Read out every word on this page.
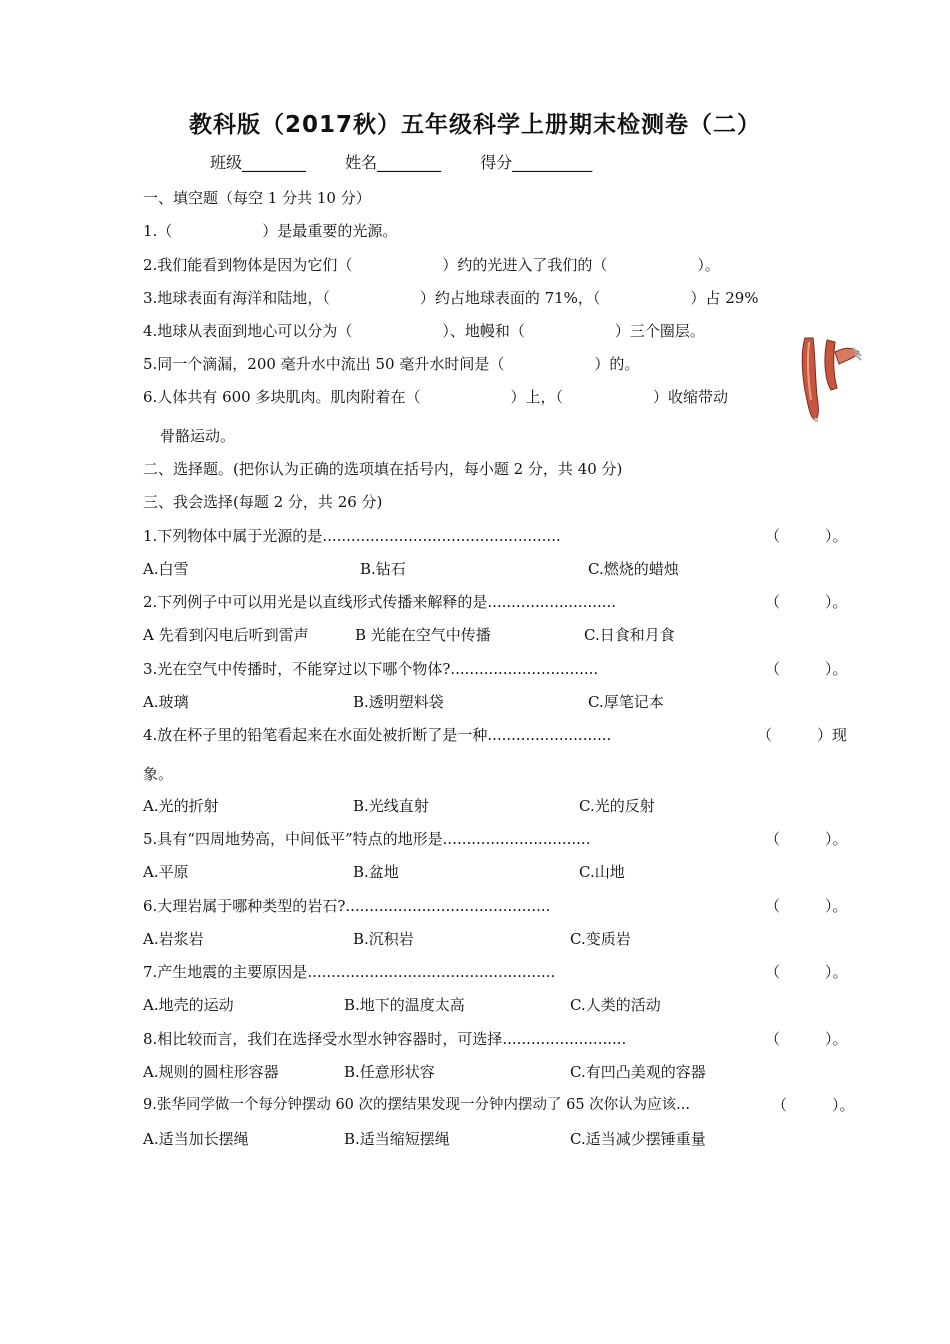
教科版（2017秋）五年级科学上册期末检测卷（二）
班级________ 姓名________ 得分__________
一、填空题（每空 1 分共 10 分）
1.（　　　　　　）是最重要的光源。
2.我们能看到物体是因为它们（　　　　　　）约的光进入了我们的（　　　　　　）。
3.地球表面有海洋和陆地，（　　　　　　）约占地球表面的 71%，（　　　　　　）占 29%
4.地球从表面到地心可以分为（　　　　　　）、地幔和（　　　　　　）三个圈层。
5.同一个滴漏，200 毫升水中流出 50 毫升水时间是（　　　　　　）的。
6.人体共有 600 多块肌肉。肌肉附着在（　　　　　　）上，（　　　　　　）收缩带动
骨骼运动。
二、选择题。(把你认为正确的选项填在括号内，每小题 2 分，共 40 分)
三、我会选择(每题 2 分，共 26 分)
1.下列物体中属于光源的是..................................................	（　　　）。
A.白雪	B.钻石	C.燃烧的蜡烛
2.下列例子中可以用光是以直线形式传播来解释的是...........................	（　　　）。
A 先看到闪电后听到雷声	B 光能在空气中传播	C.日食和月食
3.光在空气中传播时，不能穿过以下哪个物体?...............................	（　　　）。
A.玻璃	B.透明塑料袋	C.厚笔记本
4.放在杯子里的铅笔看起来在水面处被折断了是一种..........................	（　　　）现
象。
A.光的折射	B.光线直射	C.光的反射
5.具有“四周地势高，中间低平”特点的地形是...............................	（　　　）。
A.平原	B.盆地	C.山地
6.大理岩属于哪种类型的岩石?...........................................	（　　　）。
A.岩浆岩	B.沉积岩	C.变质岩
7.产生地震的主要原因是....................................................	（　　　）。
A.地壳的运动	B.地下的温度太高	C.人类的活动
8.相比较而言，我们在选择受水型水钟容器时，可选择..........................	（　　　）。
A.规则的圆柱形容器	B.任意形状容	C.有凹凸美观的容器
9.张华同学做一个每分钟摆动 60 次的摆结果发现一分钟内摆动了 65 次你认为应该...	（　　　）。
A.适当加长摆绳	B.适当缩短摆绳	C.适当减少摆锤重量
